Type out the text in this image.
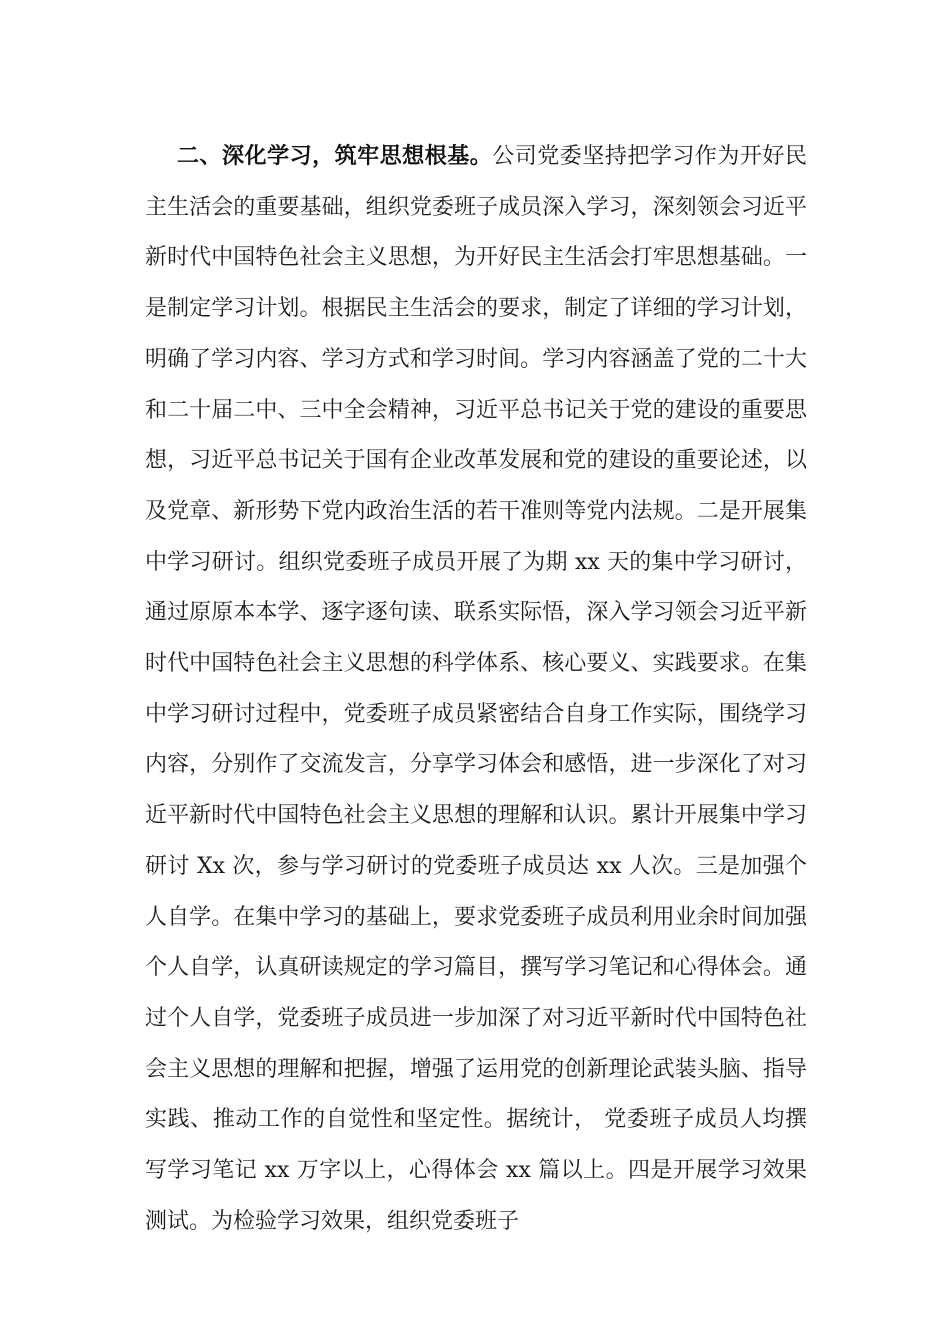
二、深化学习，筑牢思想根基。公司党委坚持把学习作为开好民主生活会的重要基础，组织党委班子成员深入学习，深刻领会习近平新时代中国特色社会主义思想，为开好民主生活会打牢思想基础。一是制定学习计划。根据民主生活会的要求，制定了详细的学习计划，明确了学习内容、学习方式和学习时间。学习内容涵盖了党的二十大和二十届二中、三中全会精神，习近平总书记关于党的建设的重要思想，习近平总书记关于国有企业改革发展和党的建设的重要论述，以及党章、新形势下党内政治生活的若干准则等党内法规。二是开展集中学习研讨。组织党委班子成员开展了为期 xx 天的集中学习研讨，通过原原本本学、逐字逐句读、联系实际悟，深入学习领会习近平新时代中国特色社会主义思想的科学体系、核心要义、实践要求。在集中学习研讨过程中，党委班子成员紧密结合自身工作实际，围绕学习内容，分别作了交流发言，分享学习体会和感悟，进一步深化了对习近平新时代中国特色社会主义思想的理解和认识。累计开展集中学习研讨 Xx 次，参与学习研讨的党委班子成员达 xx 人次。三是加强个人自学。在集中学习的基础上，要求党委班子成员利用业余时间加强个人自学，认真研读规定的学习篇目，撰写学习笔记和心得体会。通过个人自学，党委班子成员进一步加深了对习近平新时代中国特色社会主义思想的理解和把握，增强了运用党的创新理论武装头脑、指导实践、推动工作的自觉性和坚定性。据统计， 党委班子成员人均撰写学习笔记 xx 万字以上，心得体会 xx 篇以上。四是开展学习效果测试。为检验学习效果，组织党委班子
